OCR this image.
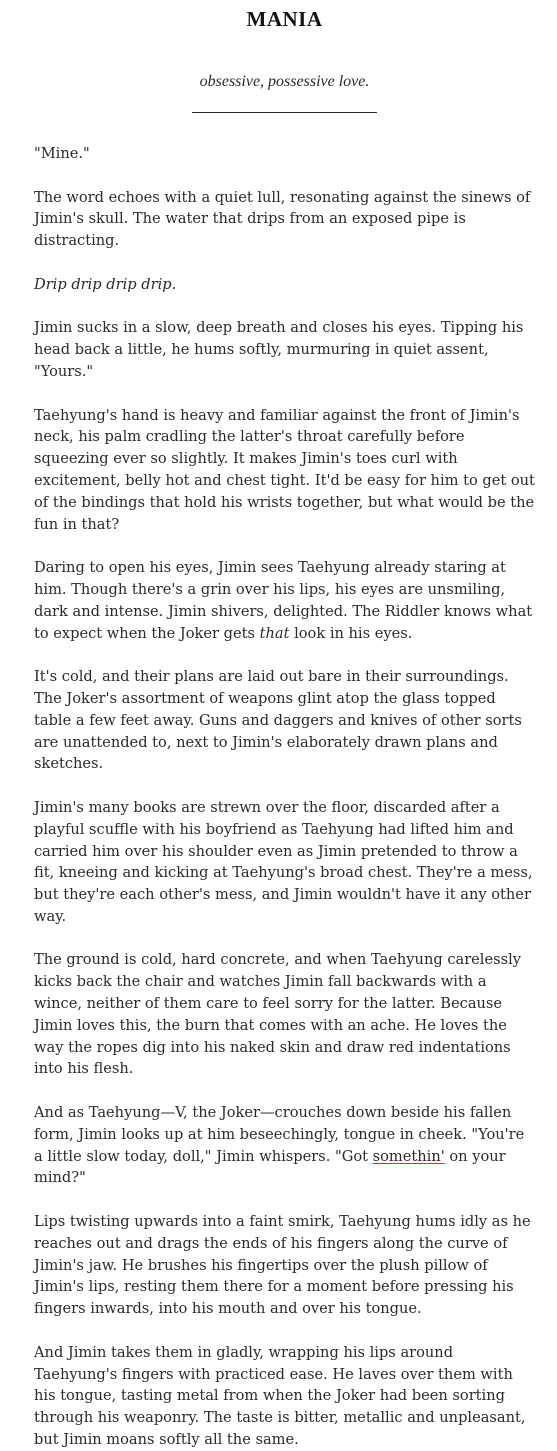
MANIA

obsessive, possessive love.

"Mine."

The word echoes with a quiet lull, resonating against the sinews of Jimin's skull. The water that drips from an exposed pipe is distracting.

Drip drip drip drip.

Jimin sucks in a slow, deep breath and closes his eyes. Tipping his head back a little, he hums softly, murmuring in quiet assent, "Yours."

Taehyung's hand is heavy and familiar against the front of Jimin's neck, his palm cradling the latter's throat carefully before squeezing ever so slightly. It makes Jimin's toes curl with excitement, belly hot and chest tight. It'd be easy for him to get out of the bindings that hold his wrists together, but what would be the fun in that?

Daring to open his eyes, Jimin sees Taehyung already staring at him. Though there's a grin over his lips, his eyes are unsmiling, dark and intense. Jimin shivers, delighted. The Riddler knows what to expect when the Joker gets that look in his eyes.

It's cold, and their plans are laid out bare in their surroundings. The Joker's assortment of weapons glint atop the glass topped table a few feet away. Guns and daggers and knives of other sorts are unattended to, next to Jimin's elaborately drawn plans and sketches.

Jimin's many books are strewn over the floor, discarded after a playful scuffle with his boyfriend as Taehyung had lifted him and carried him over his shoulder even as Jimin pretended to throw a fit, kneeing and kicking at Taehyung's broad chest. They're a mess, but they're each other's mess, and Jimin wouldn't have it any other way.

The ground is cold, hard concrete, and when Taehyung carelessly kicks back the chair and watches Jimin fall backwards with a wince, neither of them care to feel sorry for the latter. Because Jimin loves this, the burn that comes with an ache. He loves the way the ropes dig into his naked skin and draw red indentations into his flesh.

And as Taehyung—V, the Joker—crouches down beside his fallen form, Jimin looks up at him beseechingly, tongue in cheek. "You're a little slow today, doll," Jimin whispers. "Got somethin' on your mind?"

Lips twisting upwards into a faint smirk, Taehyung hums idly as he reaches out and drags the ends of his fingers along the curve of Jimin's jaw. He brushes his fingertips over the plush pillow of Jimin's lips, resting them there for a moment before pressing his fingers inwards, into his mouth and over his tongue.

And Jimin takes them in gladly, wrapping his lips around Taehyung's fingers with practiced ease. He laves over them with his tongue, tasting metal from when the Joker had been sorting through his weaponry. The taste is bitter, metallic and unpleasant, but Jimin moans softly all the same.
